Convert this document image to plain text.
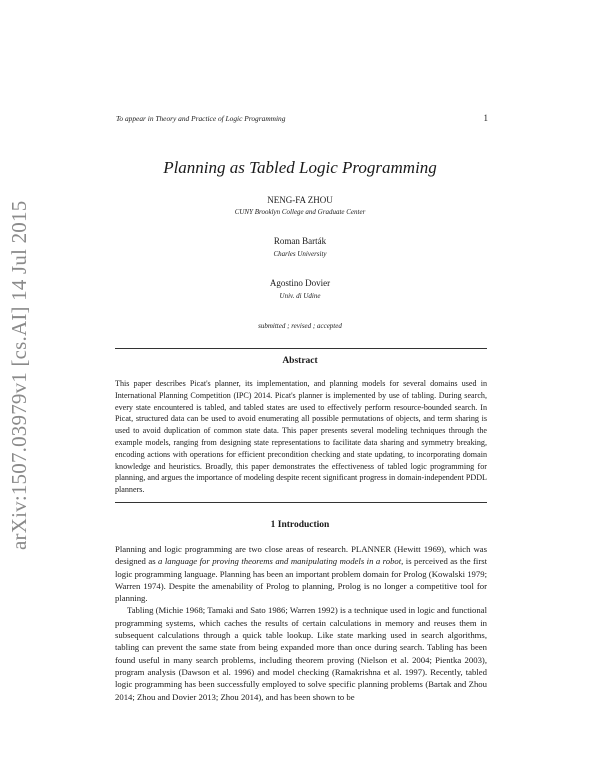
arXiv:1507.03979v1 [cs.AI] 14 Jul 2015
To appear in Theory and Practice of Logic Programming	1
Planning as Tabled Logic Programming
NENG-FA ZHOU
CUNY Brooklyn College and Graduate Center
Roman Barták
Charles University
Agostino Dovier
Univ. di Udine
submitted ; revised ; accepted
Abstract
This paper describes Picat's planner, its implementation, and planning models for several domains used in International Planning Competition (IPC) 2014. Picat's planner is implemented by use of tabling. During search, every state encountered is tabled, and tabled states are used to effectively perform resource-bounded search. In Picat, structured data can be used to avoid enumerating all possible permutations of objects, and term sharing is used to avoid duplication of common state data. This paper presents several modeling techniques through the example models, ranging from designing state representations to facilitate data sharing and symmetry breaking, encoding actions with operations for efficient precondition checking and state updating, to incorporating domain knowledge and heuristics. Broadly, this paper demonstrates the effectiveness of tabled logic programming for planning, and argues the importance of modeling despite recent significant progress in domain-independent PDDL planners.
1 Introduction

Planning and logic programming are two close areas of research. PLANNER (Hewitt 1969), which was designed as a language for proving theorems and manipulating models in a robot, is perceived as the first logic programming language. Planning has been an important problem domain for Prolog (Kowalski 1979; Warren 1974). Despite the amenability of Prolog to planning, Prolog is no longer a competitive tool for planning.

Tabling (Michie 1968; Tamaki and Sato 1986; Warren 1992) is a technique used in logic and functional programming systems, which caches the results of certain calculations in memory and reuses them in subsequent calculations through a quick table lookup. Like state marking used in search algorithms, tabling can prevent the same state from being expanded more than once during search. Tabling has been found useful in many search problems, including theorem proving (Nielson et al. 2004; Pientka 2003), program analysis (Dawson et al. 1996) and model checking (Ramakrishna et al. 1997). Recently, tabled logic programming has been successfully employed to solve specific planning problems (Bartak and Zhou 2014; Zhou and Dovier 2013; Zhou 2014), and has been shown to be
